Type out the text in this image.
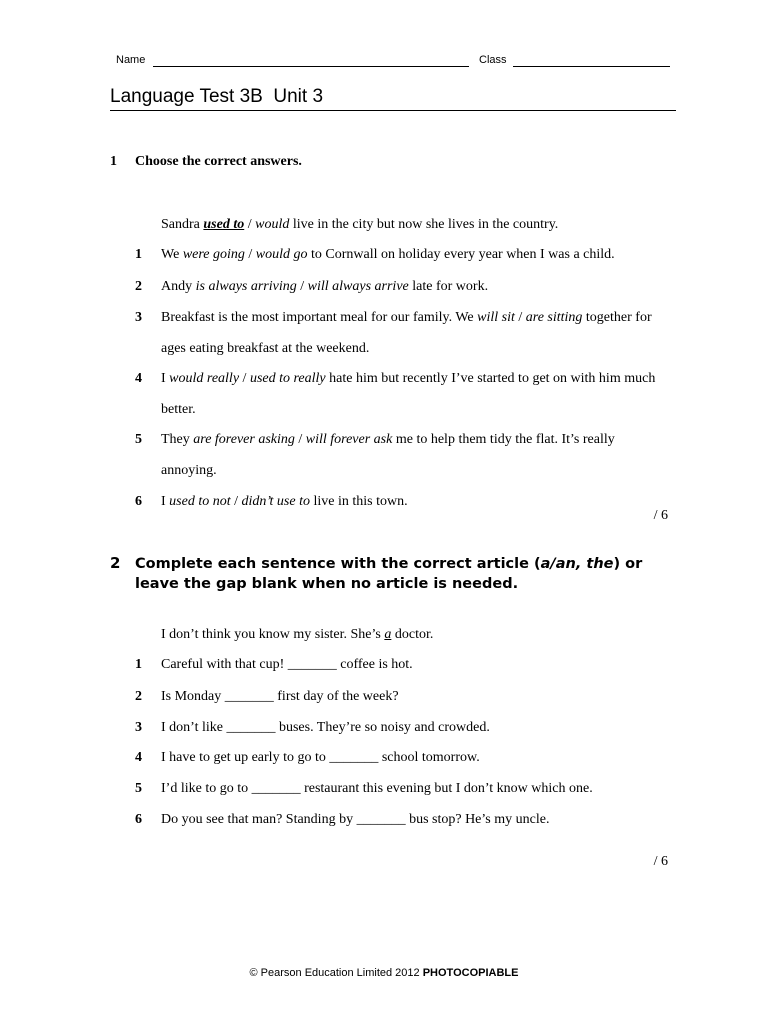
Name	Class
Language Test 3B  Unit 3
1 Choose the correct answers.
Sandra used to / would live in the city but now she lives in the country.
1 We were going / would go to Cornwall on holiday every year when I was a child.
2 Andy is always arriving / will always arrive late for work.
3 Breakfast is the most important meal for our family. We will sit / are sitting together for
ages eating breakfast at the weekend.
4 I would really / used to really hate him but recently I’ve started to get on with him much
better.
5 They are forever asking / will forever ask me to help them tidy the flat. It’s really
annoying.
6 I used to not / didn’t use to live in this town.
/ 6
2 Complete each sentence with the correct article (a/an, the) or
leave the gap blank when no article is needed.
I don’t think you know my sister. She’s a doctor.
1 Careful with that cup! _______ coffee is hot.
2 Is Monday _______ first day of the week?
3 I don’t like _______ buses. They’re so noisy and crowded.
4 I have to get up early to go to _______ school tomorrow.
5 I’d like to go to _______ restaurant this evening but I don’t know which one.
6 Do you see that man? Standing by _______ bus stop? He’s my uncle.
/ 6
© Pearson Education Limited 2012 PHOTOCOPIABLE
